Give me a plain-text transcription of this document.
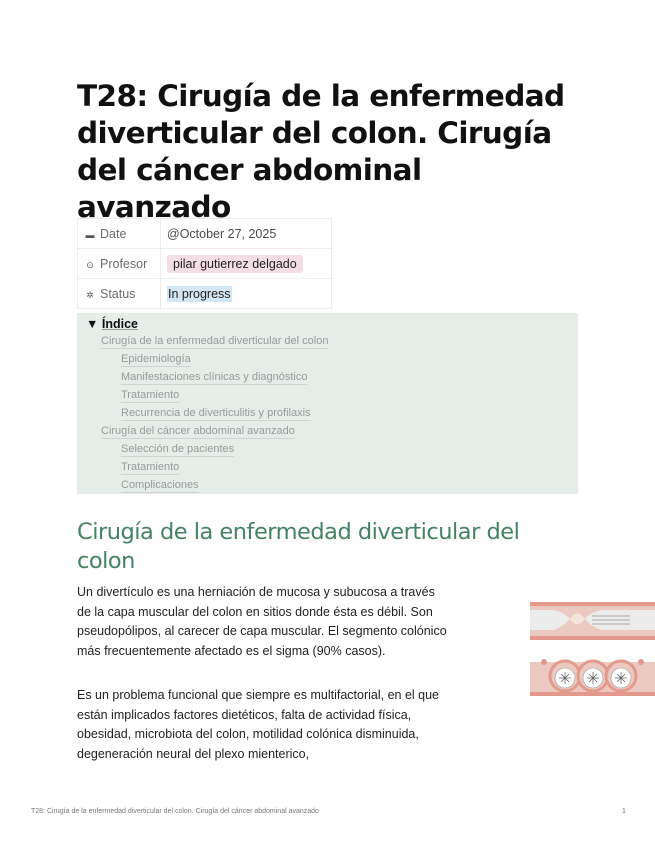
T28: Cirugía de la enfermedad diverticular del colon. Cirugía del cáncer abdominal avanzado
▬ Date	@October 27, 2025
⊙ Profesor	pilar gutierrez delgado
✲ Status	In progress
▼ Índice
Cirugía de la enfermedad diverticular del colon
Epidemiología
Manifestaciones clínicas y diagnóstico
Tratamiento
Recurrencia de diverticulitis y profilaxis
Cirugía del cáncer abdominal avanzado
Selección de pacientes
Tratamiento
Complicaciones
Cirugía de la enfermedad diverticular del colon

Un divertículo es una herniación de mucosa y subucosa a través de la capa muscular del colon en sitios donde ésta es débil. Son pseudopólipos, al carecer de capa muscular. El segmento colónico más frecuentemente afectado es el sigma (90% casos).

Es un problema funcional que siempre es multifactorial, en el que están implicados factores dietéticos, falta de actividad física, obesidad, microbiota del colon, motilidad colónica disminuida, degeneración neural del plexo mienterico,

T28: Cirugía de la enfermedad diverticular del colon. Cirugía del cáncer abdominal avanzado	1
